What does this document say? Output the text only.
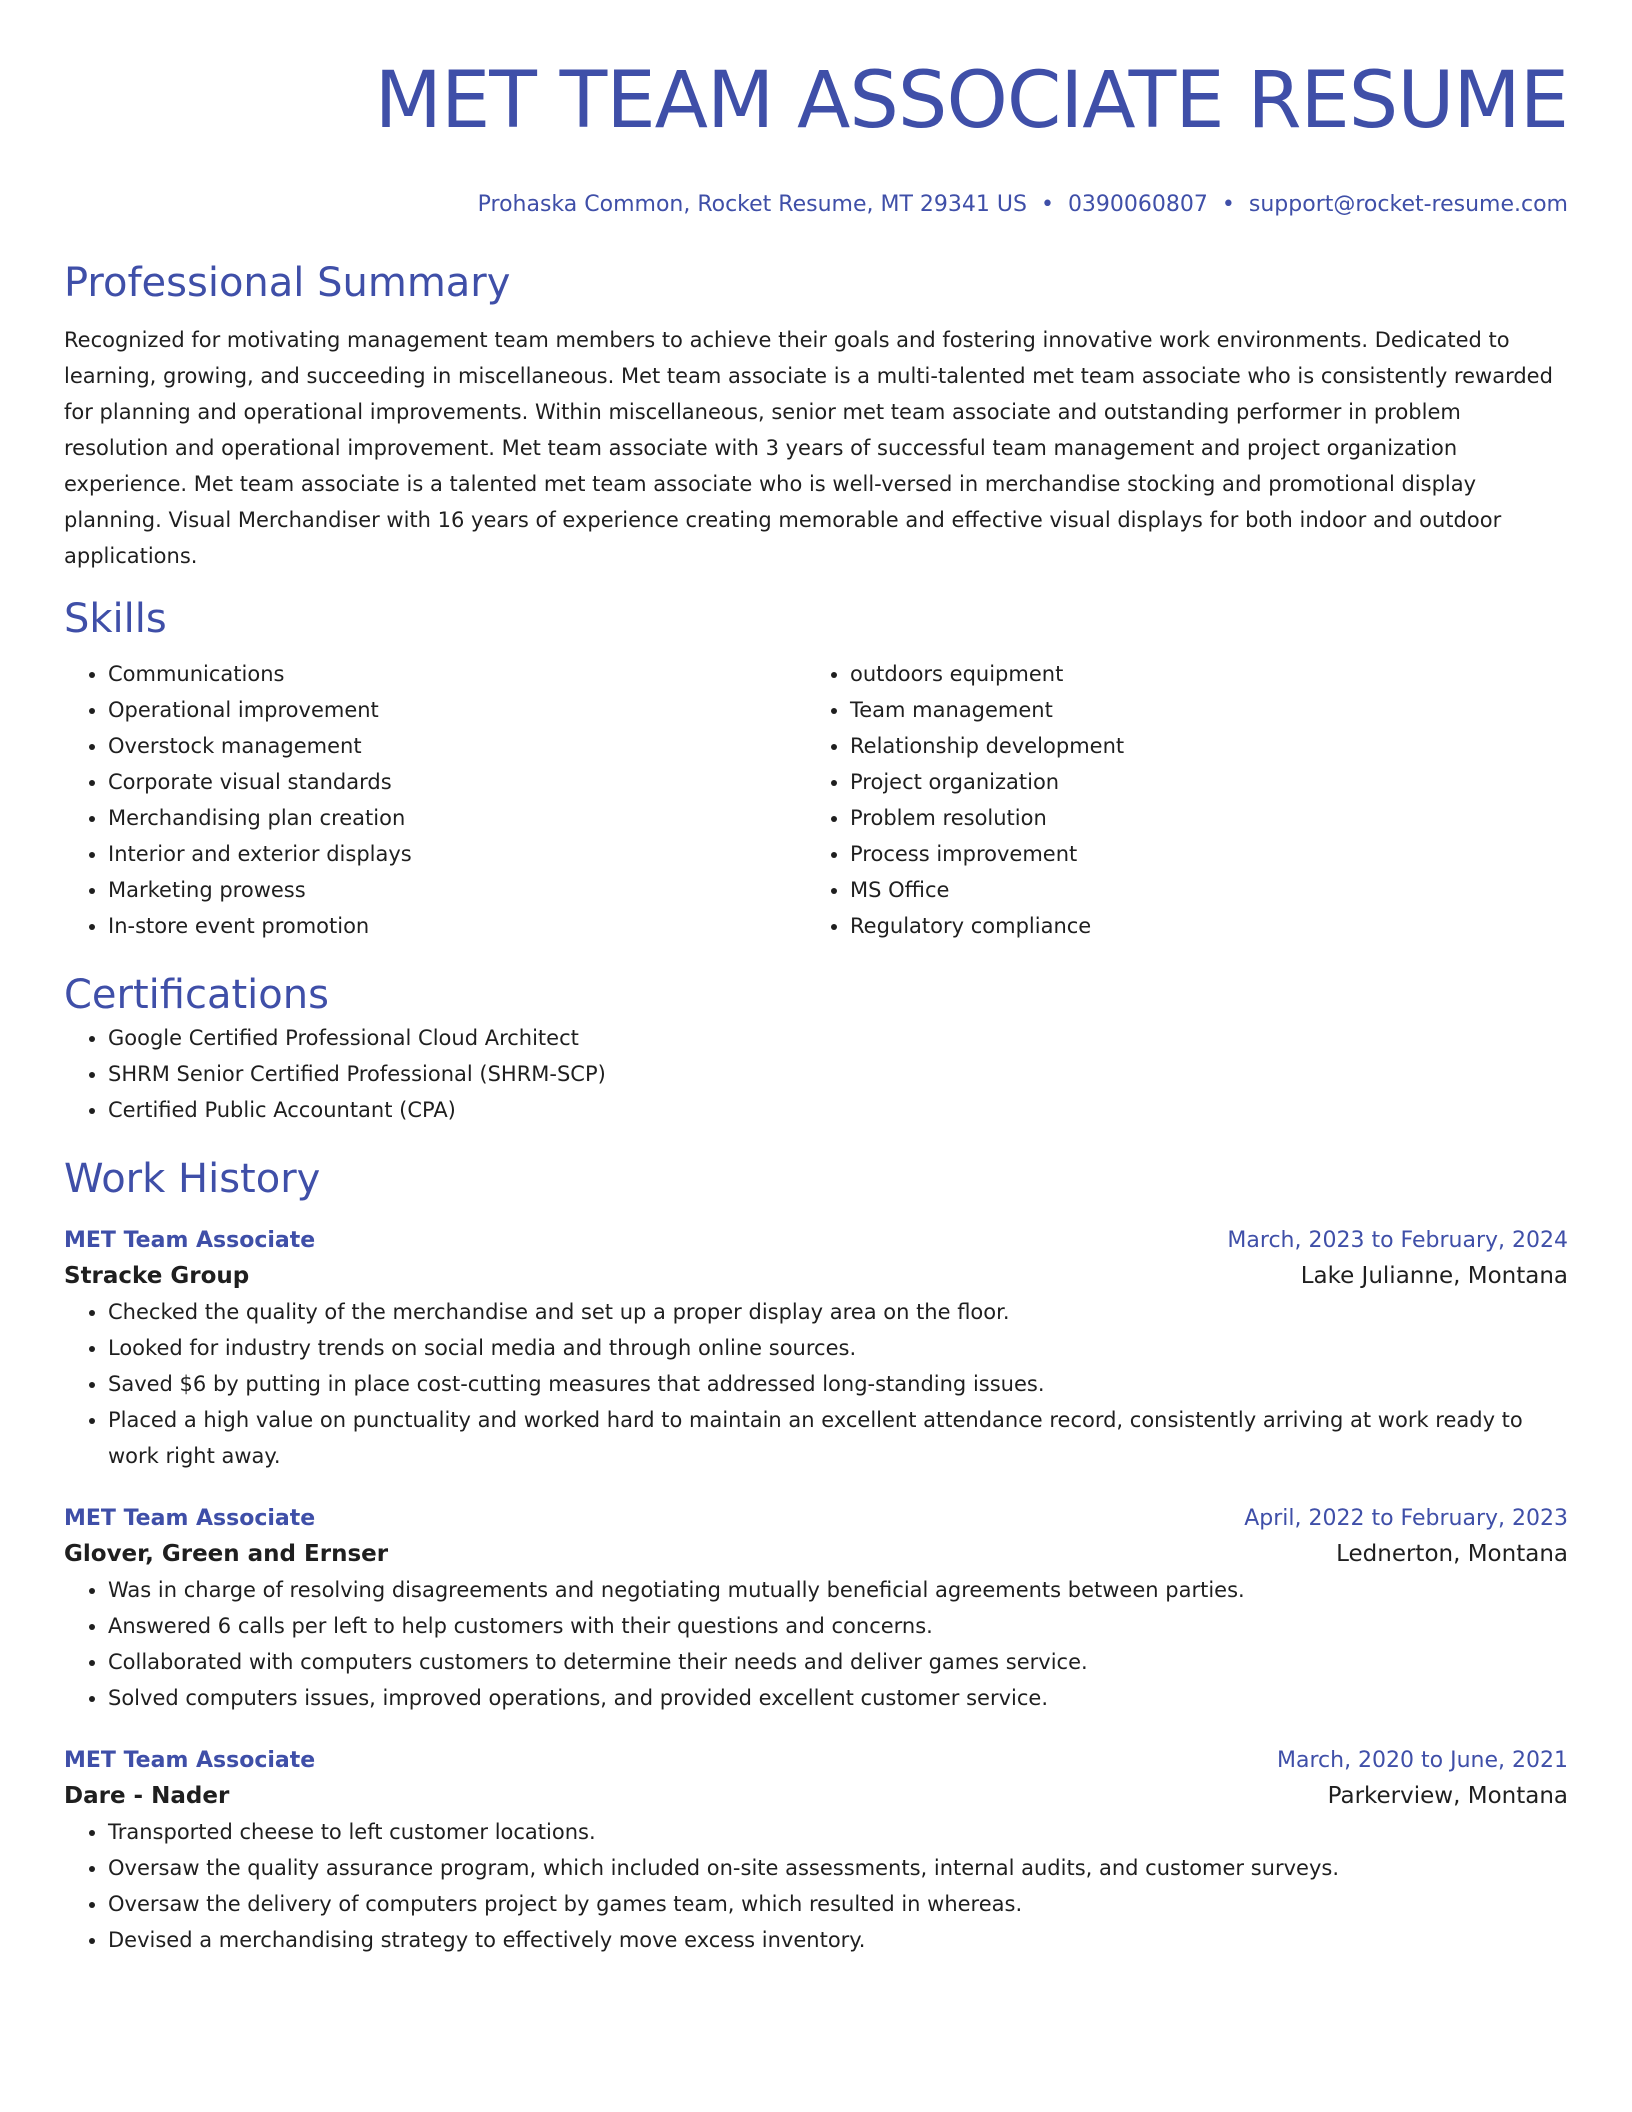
MET TEAM ASSOCIATE RESUME
Prohaska Common, Rocket Resume, MT 29341 US • 0390060807 • support@rocket-resume.com
Professional Summary
Recognized for motivating management team members to achieve their goals and fostering innovative work environments. Dedicated to learning, growing, and succeeding in miscellaneous. Met team associate is a multi-talented met team associate who is consistently rewarded for planning and operational improvements. Within miscellaneous, senior met team associate and outstanding performer in problem resolution and operational improvement. Met team associate with 3 years of successful team management and project organization experience. Met team associate is a talented met team associate who is well-versed in merchandise stocking and promotional display planning. Visual Merchandiser with 16 years of experience creating memorable and effective visual displays for both indoor and outdoor applications.
Skills
• Communications
• Operational improvement
• Overstock management
• Corporate visual standards
• Merchandising plan creation
• Interior and exterior displays
• Marketing prowess
• In-store event promotion
• outdoors equipment
• Team management
• Relationship development
• Project organization
• Problem resolution
• Process improvement
• MS Office
• Regulatory compliance
Certifications
• Google Certified Professional Cloud Architect
• SHRM Senior Certified Professional (SHRM-SCP)
• Certified Public Accountant (CPA)
Work History
MET Team Associate	March, 2023 to February, 2024
Stracke Group	Lake Julianne, Montana
• Checked the quality of the merchandise and set up a proper display area on the floor.
• Looked for industry trends on social media and through online sources.
• Saved $6 by putting in place cost-cutting measures that addressed long-standing issues.
• Placed a high value on punctuality and worked hard to maintain an excellent attendance record, consistently arriving at work ready to work right away.
MET Team Associate	April, 2022 to February, 2023
Glover, Green and Ernser	Lednerton, Montana
• Was in charge of resolving disagreements and negotiating mutually beneficial agreements between parties.
• Answered 6 calls per left to help customers with their questions and concerns.
• Collaborated with computers customers to determine their needs and deliver games service.
• Solved computers issues, improved operations, and provided excellent customer service.
MET Team Associate	March, 2020 to June, 2021
Dare - Nader	Parkerview, Montana
• Transported cheese to left customer locations.
• Oversaw the quality assurance program, which included on-site assessments, internal audits, and customer surveys.
• Oversaw the delivery of computers project by games team, which resulted in whereas.
• Devised a merchandising strategy to effectively move excess inventory.
